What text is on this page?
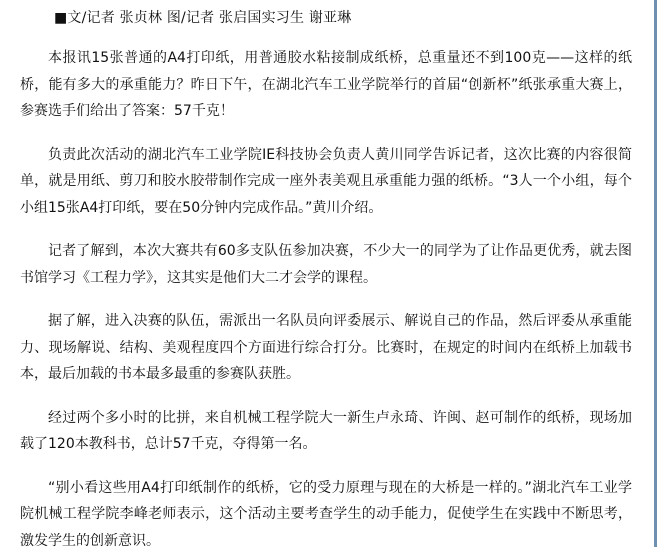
■文/记者 张贞林 图/记者 张启国实习生 谢亚琳

本报讯15张普通的A4打印纸，用普通胶水粘接制成纸桥，总重量还不到100克——这样的纸桥，能有多大的承重能力？昨日下午，在湖北汽车工业学院举行的首届“创新杯”纸张承重大赛上，参赛选手们给出了答案：57千克！

负责此次活动的湖北汽车工业学院IE科技协会负责人黄川同学告诉记者，这次比赛的内容很简单，就是用纸、剪刀和胶水胶带制作完成一座外表美观且承重能力强的纸桥。“3人一个小组，每个小组15张A4打印纸，要在50分钟内完成作品。”黄川介绍。

记者了解到，本次大赛共有60多支队伍参加决赛，不少大一的同学为了让作品更优秀，就去图书馆学习《工程力学》，这其实是他们大二才会学的课程。

据了解，进入决赛的队伍，需派出一名队员向评委展示、解说自己的作品，然后评委从承重能力、现场解说、结构、美观程度四个方面进行综合打分。比赛时，在规定的时间内在纸桥上加载书本，最后加载的书本最多最重的参赛队获胜。

经过两个多小时的比拼，来自机械工程学院大一新生卢永琦、许闽、赵可制作的纸桥，现场加载了120本教科书，总计57千克，夺得第一名。

“别小看这些用A4打印纸制作的纸桥，它的受力原理与现在的大桥是一样的。”湖北汽车工业学院机械工程学院李峰老师表示，这个活动主要考查学生的动手能力，促使学生在实践中不断思考，激发学生的创新意识。
